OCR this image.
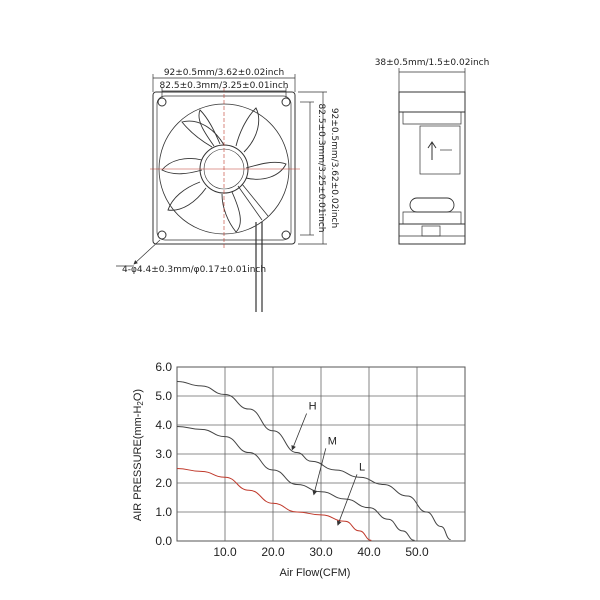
92±0.5mm/3.62±0.02inch
82.5±0.3mm/3.25±0.01inch
82.5±0.3mm/3.25±0.01inch 92±0.5mm/3.62±0.02inch
4-φ4.4±0.3mm/φ0.17±0.01inch
38±0.5mm/1.5±0.02inch
10.0 20.0 30.0 40.0 50.0
0.0
1.0
2.0
3.0
4.0
5.0
6.0
H
M
L
Air Flow(CFM)
AIR PRESSURE(mm-H2O)
